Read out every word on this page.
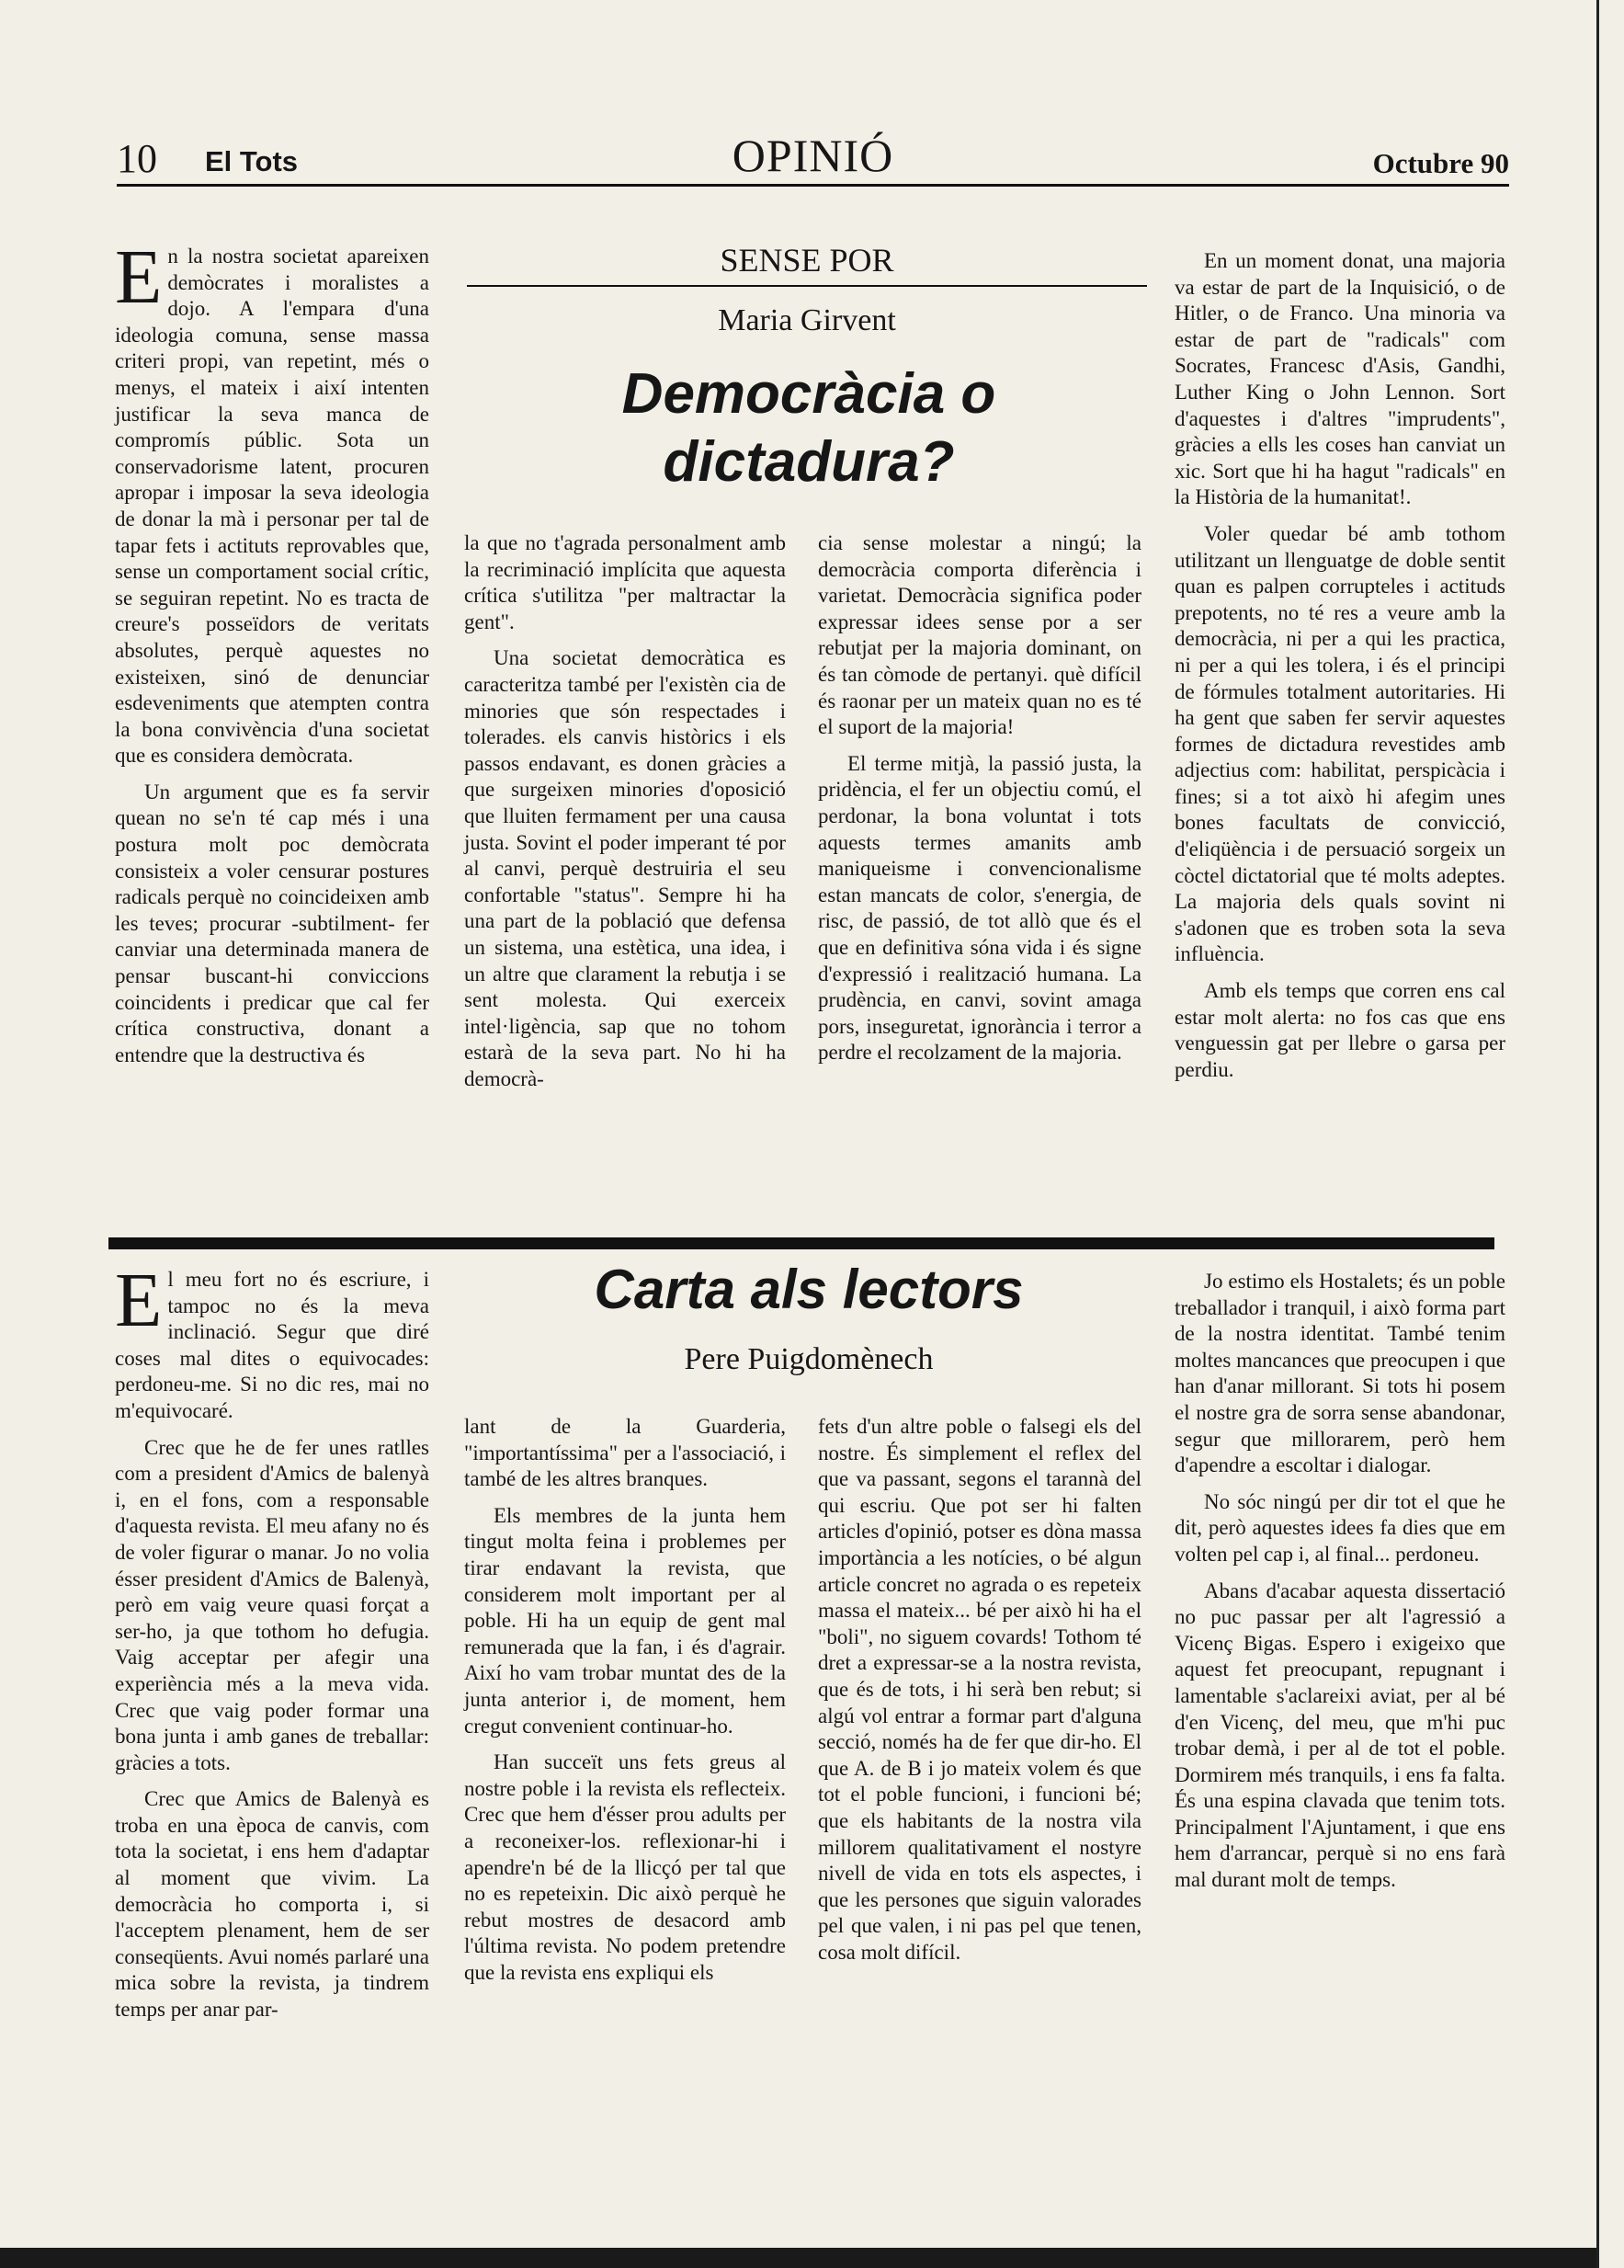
10 El Tots	OPINIÓ	Octubre 90

En la nostra societat apareixen demòcrates i moralistes a dojo. A l'empara d'una ideologia comuna, sense massa criteri propi, van repetint, més o menys, el mateix i així intenten justificar la seva manca de compromís públic. Sota un conservadorisme latent, procuren apropar i imposar la seva ideologia de donar la mà i personar per tal de tapar fets i actituts reprovables que, sense un comportament social crític, se seguiran repetint. No es tracta de creure's posseïdors de veritats absolutes, perquè aquestes no existeixen, sinó de denunciar esdeveniments que atempten contra la bona convivència d'una societat que es considera demòcrata.

Un argument que es fa servir quean no se'n té cap més i una postura molt poc demòcrata consisteix a voler censurar postures radicals perquè no coincideixen amb les teves; procurar -subtilment- fer canviar una determinada manera de pensar buscant-hi conviccions coincidents i predicar que cal fer crítica constructiva, donant a entendre que la destructiva és

SENSE POR
Maria Girvent
Democràcia o dictadura?

la que no t'agrada personalment amb la recriminació implícita que aquesta crítica s'utilitza "per maltractar la gent".

Una societat democràtica es caracteritza també per l'existèn cia de minories que són respectades i tolerades. els canvis històrics i els passos endavant, es donen gràcies a que surgeixen minories d'oposició que lluiten fermament per una causa justa. Sovint el poder imperant té por al canvi, perquè destruiria el seu confortable "status". Sempre hi ha una part de la població que defensa un sistema, una estètica, una idea, i un altre que clarament la rebutja i se sent molesta. Qui exerceix intel·ligència, sap que no tohom estarà de la seva part. No hi ha democrà-

cia sense molestar a ningú; la democràcia comporta diferència i varietat. Democràcia significa poder expressar idees sense por a ser rebutjat per la majoria dominant, on és tan còmode de pertanyi. què difícil és raonar per un mateix quan no es té el suport de la majoria!

El terme mitjà, la passió justa, la pridència, el fer un objectiu comú, el perdonar, la bona voluntat i tots aquests termes amanits amb maniqueisme i convencionalisme estan mancats de color, s'energia, de risc, de passió, de tot allò que és el que en definitiva sóna vida i és signe d'expressió i realització humana. La prudència, en canvi, sovint amaga pors, inseguretat, ignorància i terror a perdre el recolzament de la majoria.

En un moment donat, una majoria va estar de part de la Inquisició, o de Hitler, o de Franco. Una minoria va estar de part de "radicals" com Socrates, Francesc d'Asis, Gandhi, Luther King o John Lennon. Sort d'aquestes i d'altres "imprudents", gràcies a ells les coses han canviat un xic. Sort que hi ha hagut "radicals" en la Història de la humanitat!.

Voler quedar bé amb tothom utilitzant un llenguatge de doble sentit quan es palpen corrupteles i actituds prepotents, no té res a veure amb la democràcia, ni per a qui les practica, ni per a qui les tolera, i és el principi de fórmules totalment autoritaries. Hi ha gent que saben fer servir aquestes formes de dictadura revestides amb adjectius com: habilitat, perspicàcia i fines; si a tot això hi afegim unes bones facultats de convicció, d'eliqüència i de persuació sorgeix un còctel dictatorial que té molts adeptes. La majoria dels quals sovint ni s'adonen que es troben sota la seva influència.

Amb els temps que corren ens cal estar molt alerta: no fos cas que ens venguessin gat per llebre o garsa per perdiu.

El meu fort no és escriure, i tampoc no és la meva inclinació. Segur que diré coses mal dites o equivocades: perdoneu-me. Si no dic res, mai no m'equivocaré.

Crec que he de fer unes ratlles com a president d'Amics de balenyà i, en el fons, com a responsable d'aquesta revista. El meu afany no és de voler figurar o manar. Jo no volia ésser president d'Amics de Balenyà, però em vaig veure quasi forçat a ser-ho, ja que tothom ho defugia. Vaig acceptar per afegir una experiència més a la meva vida. Crec que vaig poder formar una bona junta i amb ganes de treballar: gràcies a tots.

Crec que Amics de Balenyà es troba en una època de canvis, com tota la societat, i ens hem d'adaptar al moment que vivim. La democràcia ho comporta i, si l'acceptem plenament, hem de ser conseqüents. Avui només parlaré una mica sobre la revista, ja tindrem temps per anar par-

Carta als lectors
Pere Puigdomènech

lant de la Guarderia, "importantíssima" per a l'associació, i també de les altres branques.

Els membres de la junta hem tingut molta feina i problemes per tirar endavant la revista, que considerem molt important per al poble. Hi ha un equip de gent mal remunerada que la fan, i és d'agrair. Així ho vam trobar muntat des de la junta anterior i, de moment, hem cregut convenient continuar-ho.

Han succeït uns fets greus al nostre poble i la revista els reflecteix. Crec que hem d'ésser prou adults per a reconeixer-los. reflexionar-hi i apendre'n bé de la llicçó per tal que no es repeteixin. Dic això perquè he rebut mostres de desacord amb l'última revista. No podem pretendre que la revista ens expliqui els

fets d'un altre poble o falsegi els del nostre. És simplement el reflex del que va passant, segons el tarannà del qui escriu. Que pot ser hi falten articles d'opinió, potser es dòna massa importància a les notícies, o bé algun article concret no agrada o es repeteix massa el mateix... bé per això hi ha el "boli", no siguem covards! Tothom té dret a expressar-se a la nostra revista, que és de tots, i hi serà ben rebut; si algú vol entrar a formar part d'alguna secció, només ha de fer que dir-ho. El que A. de B i jo mateix volem és que tot el poble funcioni, i funcioni bé; que els habitants de la nostra vila millorem qualitativament el nostyre nivell de vida en tots els aspectes, i que les persones que siguin valorades pel que valen, i ni pas pel que tenen, cosa molt difícil.

Jo estimo els Hostalets; és un poble treballador i tranquil, i això forma part de la nostra identitat. També tenim moltes mancances que preocupen i que han d'anar millorant. Si tots hi posem el nostre gra de sorra sense abandonar, segur que millorarem, però hem d'apendre a escoltar i dialogar.

No sóc ningú per dir tot el que he dit, però aquestes idees fa dies que em volten pel cap i, al final... perdoneu.

Abans d'acabar aquesta dissertació no puc passar per alt l'agressió a Vicenç Bigas. Espero i exigeixo que aquest fet preocupant, repugnant i lamentable s'aclareixi aviat, per al bé d'en Vicenç, del meu, que m'hi puc trobar demà, i per al de tot el poble. Dormirem més tranquils, i ens fa falta. És una espina clavada que tenim tots. Principalment l'Ajuntament, i que ens hem d'arrancar, perquè si no ens farà mal durant molt de temps.
